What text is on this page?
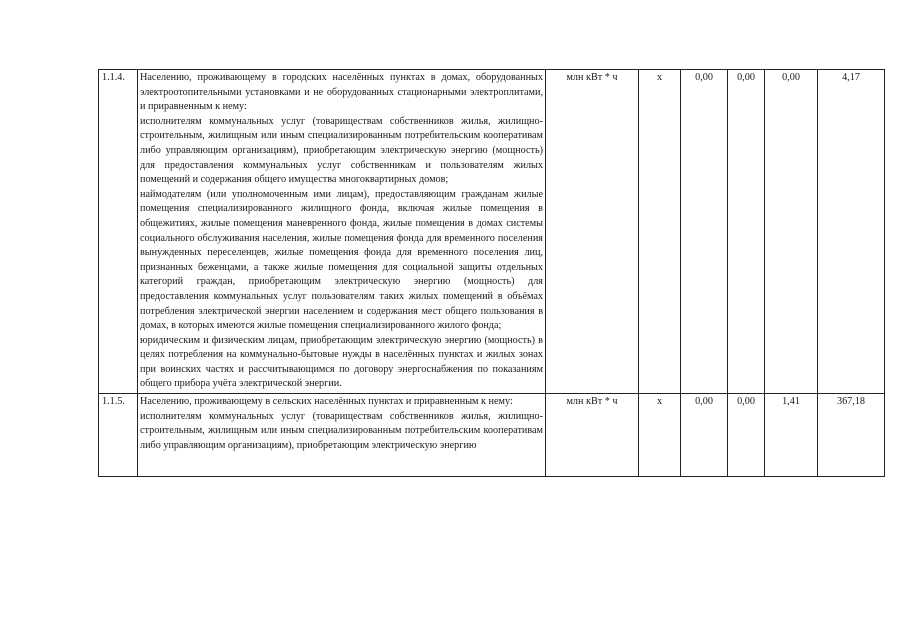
1.1.4.	Населению, проживающему в городских населённых пунктах в домах, оборудованных электроотопительными установками и не оборудованных стационарными электроплитами, и приравненным к нему:
исполнителям коммунальных услуг (товариществам собственников жилья, жилищно-строительным, жилищным или иным специализированным потребительским кооперативам либо управляющим организациям), приобретающим электрическую энергию (мощность) для предоставления коммунальных услуг собственникам и пользователям жилых помещений и содержания общего имущества многоквартирных домов;
наймодателям (или уполномоченным ими лицам), предоставляющим гражданам жилые помещения специализированного жилищного фонда, включая жилые помещения в общежитиях, жилые помещения маневренного фонда, жилые помещения в домах системы социального обслуживания населения, жилые помещения фонда для временного поселения вынужденных переселенцев, жилые помещения фонда для временного поселения лиц, признанных беженцами, а также жилые помещения для социальной защиты отдельных категорий граждан, приобретающим электрическую энергию (мощность) для предоставления коммунальных услуг пользователям таких жилых помещений в объёмах потребления электрической энергии населением и содержания мест общего пользования в домах, в которых имеются жилые помещения специализированного жилого фонда;
юридическим и физическим лицам, приобретающим электрическую энергию (мощность) в целях потребления на коммунально-бытовые нужды в населённых пунктах и жилых зонах при воинских частях и рассчитывающимся по договору энергоснабжения по показаниям общего прибора учёта электрической энергии.	млн кВт * ч	х	0,00	0,00	0,00	4,17
1.1.5.	Населению, проживающему в сельских населённых пунктах и приравненным к нему:
исполнителям коммунальных услуг (товариществам собственников жилья, жилищно-строительным, жилищным или иным специализированным потребительским кооперативам либо управляющим организациям), приобретающим электрическую энергию	млн кВт * ч	х	0,00	0,00	1,41	367,18
